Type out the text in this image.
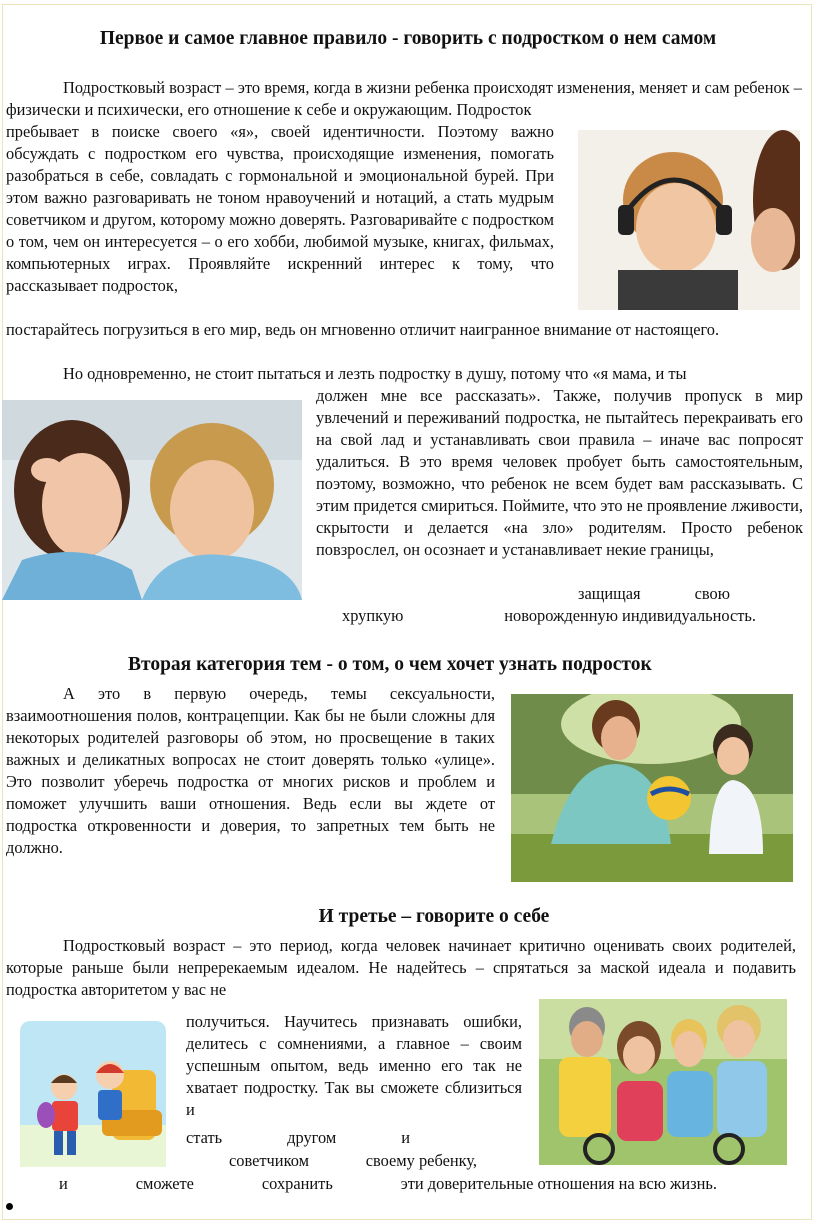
Первое и самое главное правило - говорить с подростком о нем самом

Подростковый возраст – это время, когда в жизни ребенка происходят изменения, меняет и сам ребенок – физически и психически, его отношение к себе и окружающим. Подросток

пребывает в поиске своего «я», своей идентичности. Поэтому важно обсуждать с подростком его чувства, происходящие изменения, помогать разобраться в себе, совладать с гормональной и эмоциональной бурей. При этом важно разговаривать не тоном нравоучений и нотаций, а стать мудрым советчиком и другом, которому можно доверять. Разговаривайте с подростком о том, чем он интересуется – о его хобби, любимой музыке, книгах, фильмах, компьютерных играх. Проявляйте искренний интерес к тому, что рассказывает подросток,

постарайтесь погрузиться в его мир, ведь он мгновенно отличит наигранное внимание от настоящего.

Но одновременно, не стоит пытаться и лезть подростку в душу, потому что «я мама, и ты

должен мне все рассказать». Также, получив пропуск в мир увлечений и переживаний подростка, не пытайтесь перекраивать его на свой лад и устанавливать свои правила – иначе вас попросят удалиться. В это время человек пробует быть самостоятельным, поэтому, возможно, что ребенок не всем будет вам рассказывать. С этим придется смириться. Поймите, что это не проявление лживости, скрытости и делается «на зло» родителям. Просто ребенок повзрослел, он осознает и устанавливает некие границы,

защищая	свою
хрупкую	новорожденную индивидуальность.
Вторая категория тем - о том, о чем хочет узнать подросток

А это в первую очередь, темы сексуальности, взаимоотношения полов, контрацепции. Как бы не были сложны для некоторых родителей разговоры об этом, но просвещение в таких важных и деликатных вопросах не стоит доверять только «улице». Это позволит уберечь подростка от многих рисков и проблем и поможет улучшить ваши отношения. Ведь если вы ждете от подростка откровенности и доверия, то запретных тем быть не должно.

И третье – говорите о себе

Подростковый возраст – это период, когда человек начинает критично оценивать своих родителей, которые раньше были непререкаемым идеалом. Не надейтесь – спрятаться за маской идеала и подавить подростка авторитетом у вас не

получиться. Научитесь признавать ошибки, делитесь с сомнениями, а главное – своим успешным опытом, ведь именно его так не хватает подростку. Так вы сможете сблизиться и

стать	другом	и
советчиком	своему ребенку,
и	сможете	сохранить	эти доверительные отношения на всю жизнь.
